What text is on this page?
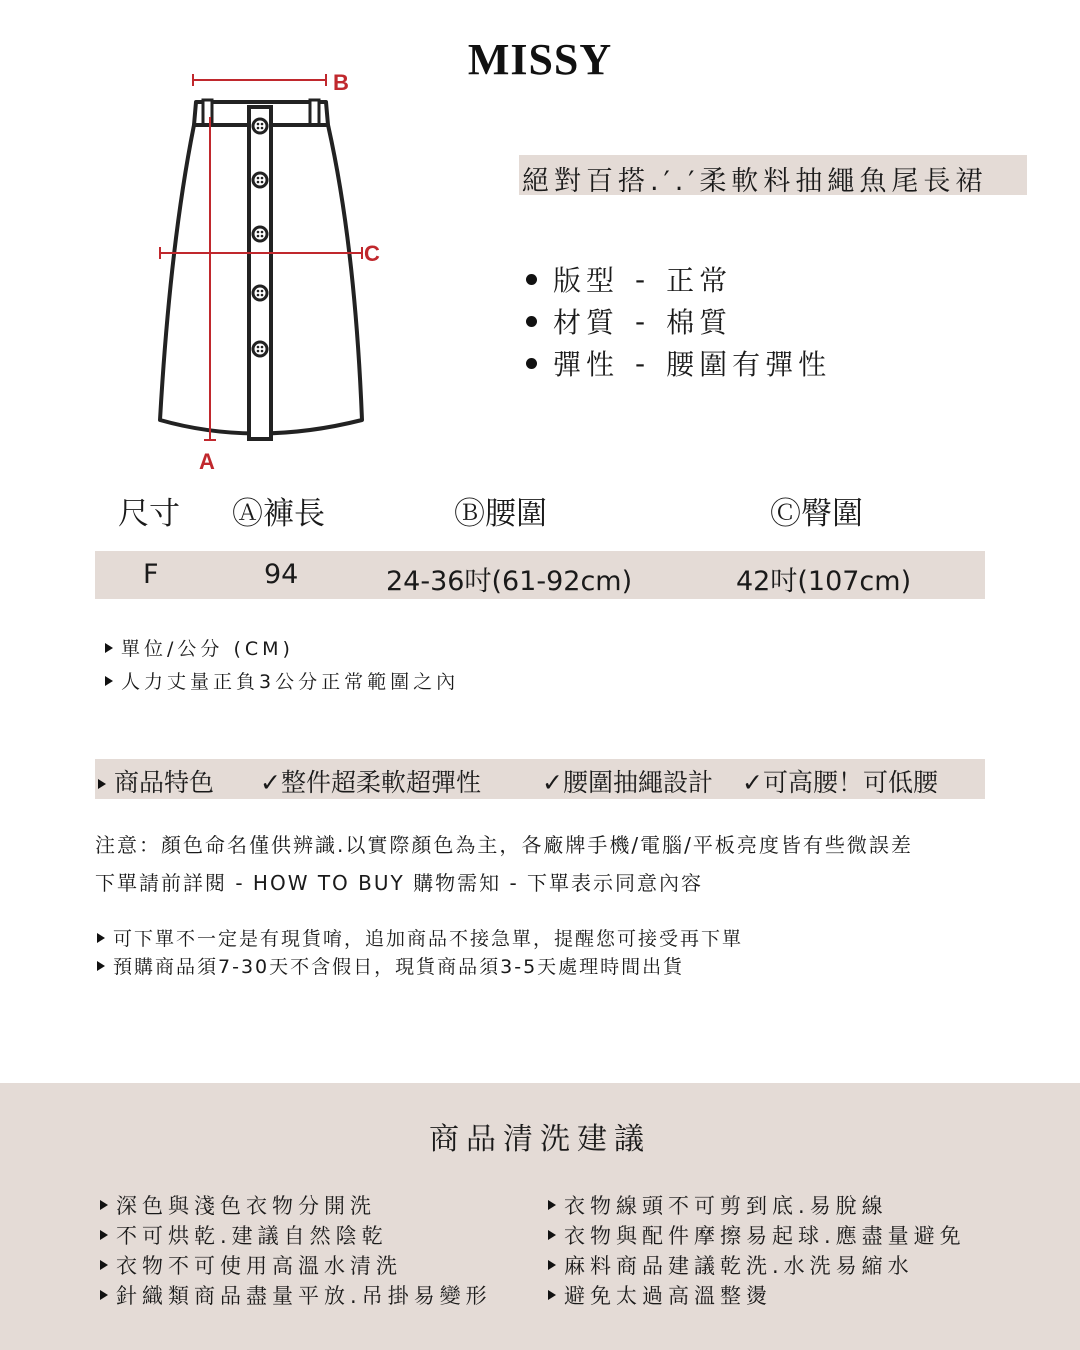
MISSY
B
A
C
絕對百搭.′.′柔軟料抽繩魚尾長裙
版型 - 正常
材質 - 棉質
彈性 - 腰圍有彈性
尺寸 Ⓐ褲長	Ⓑ腰圍	Ⓒ臀圍
F	94	24-36吋(61-92cm)	42吋(107cm)
單位/公分 (CM)
人力丈量正負3公分正常範圍之內
商品特色 ✓整件超柔軟超彈性 ✓腰圍抽繩設計 ✓可高腰！可低腰
注意：顏色命名僅供辨識.以實際顏色為主，各廠牌手機/電腦/平板亮度皆有些微誤差
下單請前詳閱 - HOW TO BUY 購物需知 - 下單表示同意內容
可下單不一定是有現貨唷，追加商品不接急單，提醒您可接受再下單
預購商品須7-30天不含假日，現貨商品須3-5天處理時間出貨
商品清洗建議
深色與淺色衣物分開洗
不可烘乾.建議自然陰乾
衣物不可使用高溫水清洗
針織類商品盡量平放.吊掛易變形
衣物線頭不可剪到底.易脫線
衣物與配件摩擦易起球.應盡量避免
麻料商品建議乾洗.水洗易縮水
避免太過高溫整燙
